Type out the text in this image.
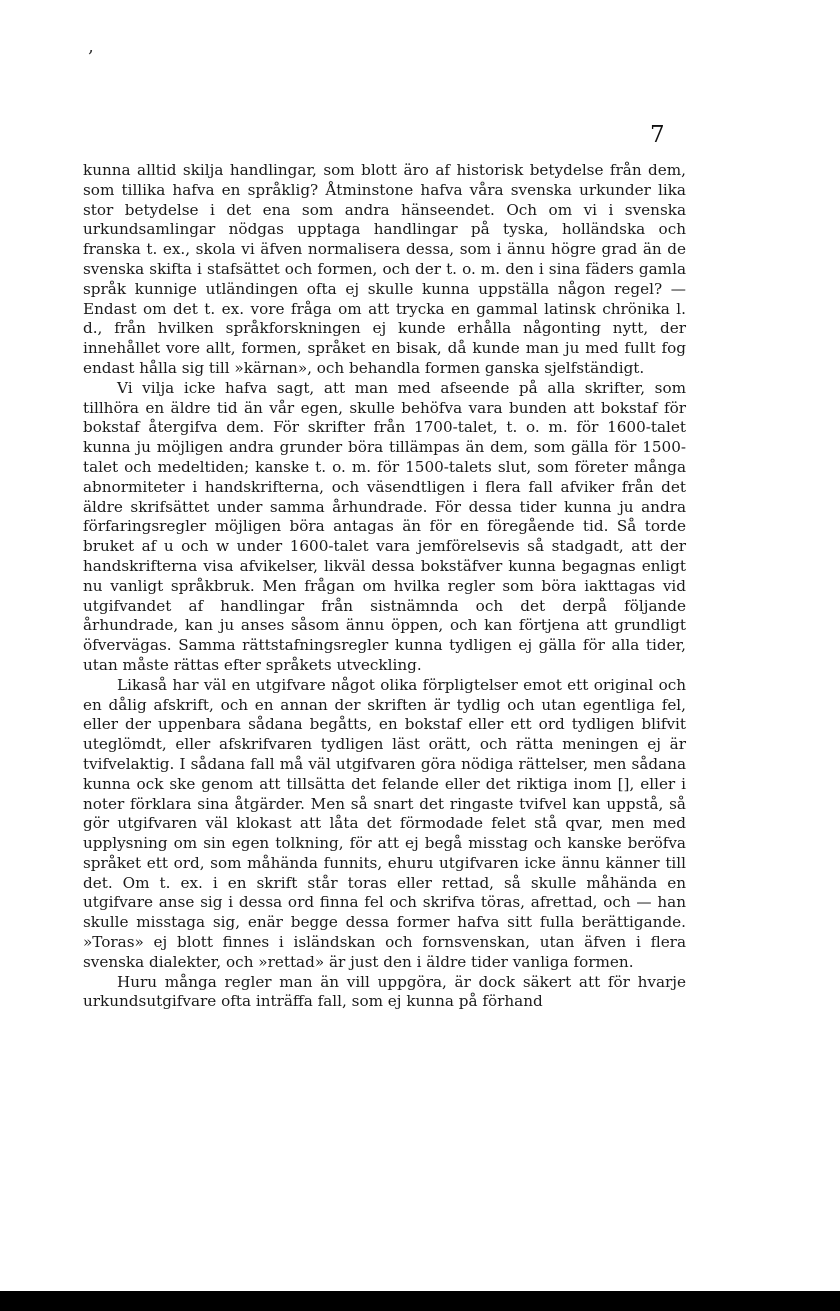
‚
7

kunna alltid skilja handlingar, som blott äro af historisk betydelse från dem, som tillika hafva en språklig? Åtminstone hafva våra svenska urkunder lika stor betydelse i det ena som andra hänseendet. Och om vi i svenska urkundsamlingar nödgas upptaga handlingar på tyska, holländska och franska t. ex., skola vi äfven normalisera dessa, som i ännu högre grad än de svenska skifta i stafsättet och formen, och der t. o. m. den i sina fäders gamla språk kunnige utländingen ofta ej skulle kunna uppställa någon regel? — Endast om det t. ex. vore fråga om att trycka en gammal latinsk chrönika l. d., från hvilken språkforskningen ej kunde erhålla någonting nytt, der innehållet vore allt, formen, språket en bisak, då kunde man ju med fullt fog endast hålla sig till »kärnan», och behandla formen ganska sjelfständigt.

Vi vilja icke hafva sagt, att man med afseende på alla skrifter, som tillhöra en äldre tid än vår egen, skulle behöfva vara bunden att bokstaf för bokstaf återgifva dem. För skrifter från 1700-talet, t. o. m. för 1600-talet kunna ju möjligen andra grunder böra tillämpas än dem, som gälla för 1500-talet och medeltiden; kanske t. o. m. för 1500-talets slut, som företer många abnormiteter i handskrifterna, och väsendtligen i flera fall afviker från det äldre skrifsättet under samma århundrade. För dessa tider kunna ju andra förfaringsregler möjligen böra antagas än för en föregående tid. Så torde bruket af u och w under 1600-talet vara jemförelsevis så stadgadt, att der handskrifterna visa afvikelser, likväl dessa bokstäfver kunna begagnas enligt nu vanligt språkbruk. Men frågan om hvilka regler som böra iakttagas vid utgifvandet af handlingar från sistnämnda och det derpå följande århundrade, kan ju anses såsom ännu öppen, och kan förtjena att grundligt öfvervägas. Samma rättstafningsregler kunna tydligen ej gälla för alla tider, utan måste rättas efter språkets utveckling.

Likaså har väl en utgifvare något olika förpligtelser emot ett original och en dålig afskrift, och en annan der skriften är tydlig och utan egentliga fel, eller der uppenbara sådana begåtts, en bokstaf eller ett ord tydligen blifvit uteglömdt, eller afskrifvaren tydligen läst orätt, och rätta meningen ej är tvifvelaktig. I sådana fall må väl utgifvaren göra nödiga rättelser, men sådana kunna ock ske genom att tillsätta det felande eller det riktiga inom [], eller i noter förklara sina åtgärder. Men så snart det ringaste tvifvel kan uppstå, så gör utgifvaren väl klokast att låta det förmodade felet stå qvar, men med upplysning om sin egen tolkning, för att ej begå misstag och kanske beröfva språket ett ord, som måhända funnits, ehuru utgifvaren icke ännu känner till det. Om t. ex. i en skrift står toras eller rettad, så skulle måhända en utgifvare anse sig i dessa ord finna fel och skrifva töras, afrettad, och — han skulle misstaga sig, enär begge dessa former hafva sitt fulla berättigande. »Toras» ej blott finnes i isländskan och fornsvenskan, utan äfven i flera svenska dialekter, och »rettad» är just den i äldre tider vanliga formen.

Huru många regler man än vill uppgöra, är dock säkert att för hvarje urkundsutgifvare ofta inträffa fall, som ej kunna på förhand
